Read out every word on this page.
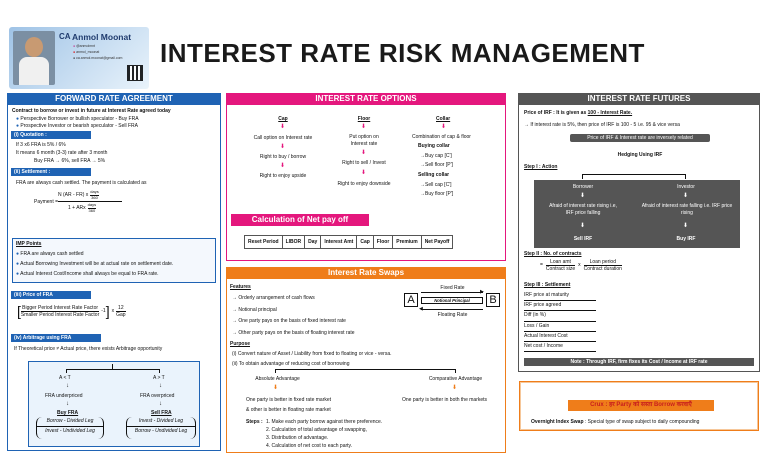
CA Anmol Moonat
● @anmolmnt
● anmol_moonat
● ca.anmol.moonat@gmail.com INTEREST RATE RISK MANAGEMENT
FORWARD RATE AGREEMENT
Contract to borrow or invest in future at Interest Rate agreed today
● Perspective Borrower or bullish speculator - Buy FRA
● Prospective Investor or bearish speculator - Sell FRA
(i) Quotation :
If 3 x6 FRA is 5% / 6%
It means 6 month (3-3) rate after 3 month
Buy FRA → 6%, sell FRA → 5%
(ii) Settlement :
FRA are always cash settled. The payment is calculated as
Payment =
N (AR - FR) x
days
360
1 + ARx
days
360
IMP Points
● FRA are always cash settled
● Actual Borrowing Investment will be at actual rate on settlement date.
● Actual Interest Cost/Income shall always be equal to FRA rate.
(iii) Price of FRA
[ Bigger Period Interest Rate Factor
Smaller Period Interest Rate Factor
-1 ] x
12
Gap
(iv) Arbitrage using FRA
If Theoretical price ≠ Actual price, there exists Arbitrage opportunity
A < T	A > T
↓	↓
FRA underpriced	FRA overpriced
↓	↓
Buy FRA	Sell FRA
Borrow - Divided Leg
Invest - Undivided Leg
Invest - Divided Leg
Borrow - Undivided Leg
INTEREST RATE OPTIONS
Cap
⬇
Call option on Interest rate
⬇
Right to buy / borrow
⬇
Right to enjoy upside
Floor
⬇
Put option on
Interest rate
⬇
Right to sell / Invest
⬇
Right to enjoy downside
Collar
⬇
Combination of cap & floor
Buying collar
→Buy cap [C']
→Sell floor [P']
Selling collar
→Sell cap [C']
→Buy floor [P']
Calculation of Net pay off
Reset Period	LIBOR	Day	Interest Amt	Cap	Floor	Premium	Net Payoff
Interest Rate Swaps
Features
→ Orderly arrangement of cash flows
→ Notional principal
→ One party pays on the basis of fixed interest rate
→ Other party pays on the basis of floating interest rate
A	B
Fixed Rate
▶
Notional Principal
◀
Floating Rate
Purpose
(i) Convert nature of Asset / Liability from fixed to floating or vice - versa.
(ii) To obtain advantage of reducing cost of borrowing
Absolute Advantage	Comparative Advantage
⬇	⬇
One party is better in fixed rate market
& other is better in floating rate market
One party is better in both the markets
Steps : 1. Make each party borrow against there preference.
2. Calculation of total advantage of swapping,
3. Distribution of advantage.
4. Calculation of net cost to each party.
INTEREST RATE FUTURES
Price of IRF : It is given as 100 - Interest Rate.
→ If interest rate is 5%, then price of IRF is 100 - 5 i.e. 95 & vice versa
Price of IRF & Interest rate are inversely related
Hedging Using IRF
Step I : Action
Borrower	Investor
⬇	⬇
Afraid of interest rate rising i.e, IRF price falling
Afraid of interest rate falling i.e. IRF price rising
⬇	⬇
Sell IRF	Buy IRF
Step II : No. of contracts
=
Loan amt
Contract size
x
Loan period
Contract duration
Step III : Settlement
IRF price at maturity
IRF price agreed
Diff (in %)
Loss / Gain
Actual Interest Cost
Net cost / Income
Note : Through IRF, firm fixes its Cost / Income at IRF rate
Crux : हर Party को सस्ता Borrow करवाएँ
Overnight Index Swap : Special type of swap subject to daily compounding
